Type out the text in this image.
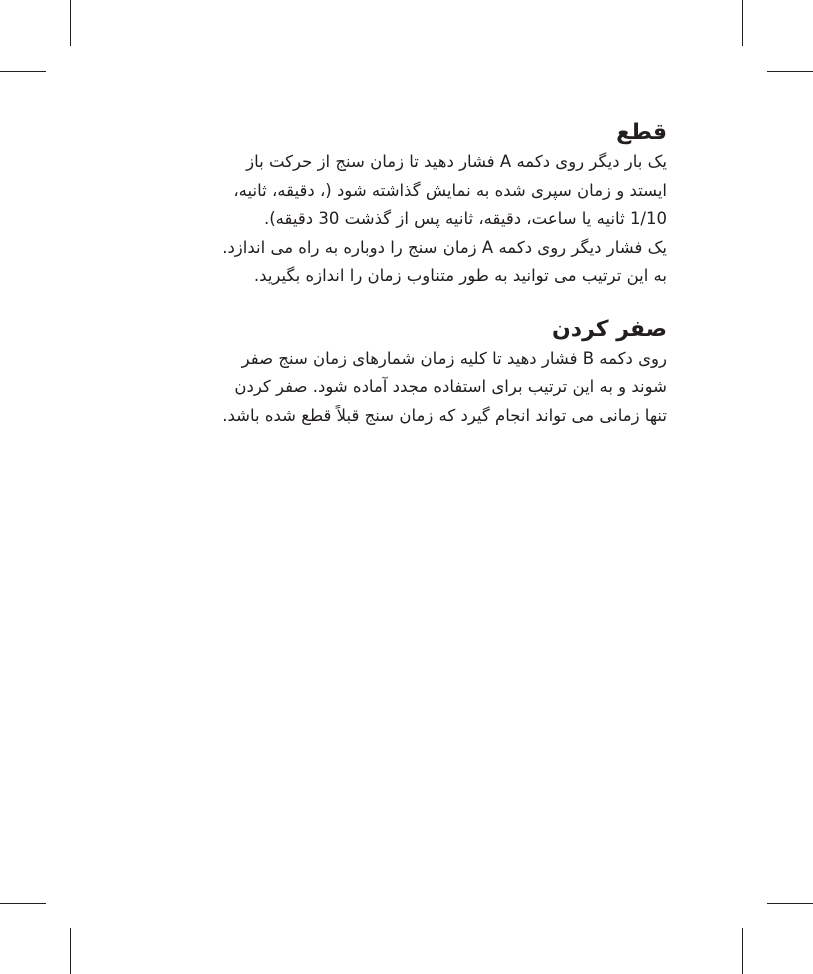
قطع

یک بار دیگر روی دکمه A فشار دهید تا زمان سنج از حرکت باز
ایستد و زمان سپری شده به نمایش گذاشته شود (، دقیقه، ثانیه،
1/10 ثانیه یا ساعت، دقیقه، ثانیه پس از گذشت 30 دقیقه).
یک فشار دیگر روی دکمه A زمان سنج را دوباره به راه می اندازد.
به این ترتیب می توانید به طور متناوب زمان را اندازه بگیرید.

صفر کردن

روی دکمه B فشار دهید تا کلیه زمان شمارهای زمان سنج صفر
شوند و به این ترتیب برای استفاده مجدد آماده شود. صفر کردن
تنها زمانی می تواند انجام گیرد که زمان سنج قبلاً قطع شده باشد.
